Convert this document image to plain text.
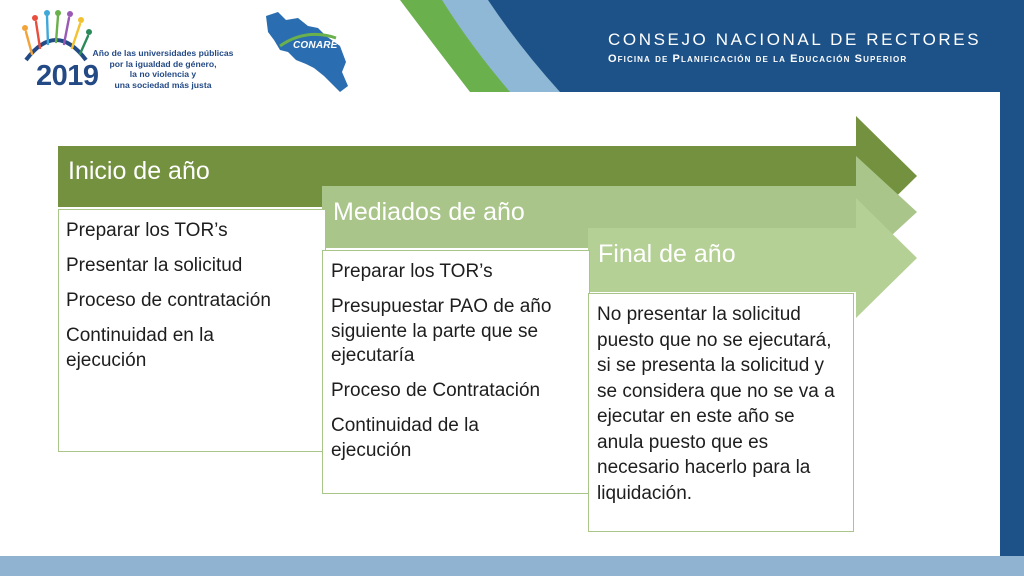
CONSEJO NACIONAL DE RECTORES
Oficina de Planificación de la Educación Superior
2019
Año de las universidades públicas
por la igualdad de género,
la no violencia y
una sociedad más justa
CONARE
Inicio de año
Mediados de año
Final de año
Preparar los TOR’s
Presentar la solicitud
Proceso de contratación
Continuidad en la ejecución
Preparar los TOR’s
Presupuestar PAO de año siguiente la parte que se ejecutaría
Proceso de Contratación
Continuidad de la ejecución
No presentar la solicitud puesto que no se ejecutará, si se presenta la solicitud y se considera que no se va a ejecutar en este año se anula puesto que es necesario hacerlo para la liquidación.
